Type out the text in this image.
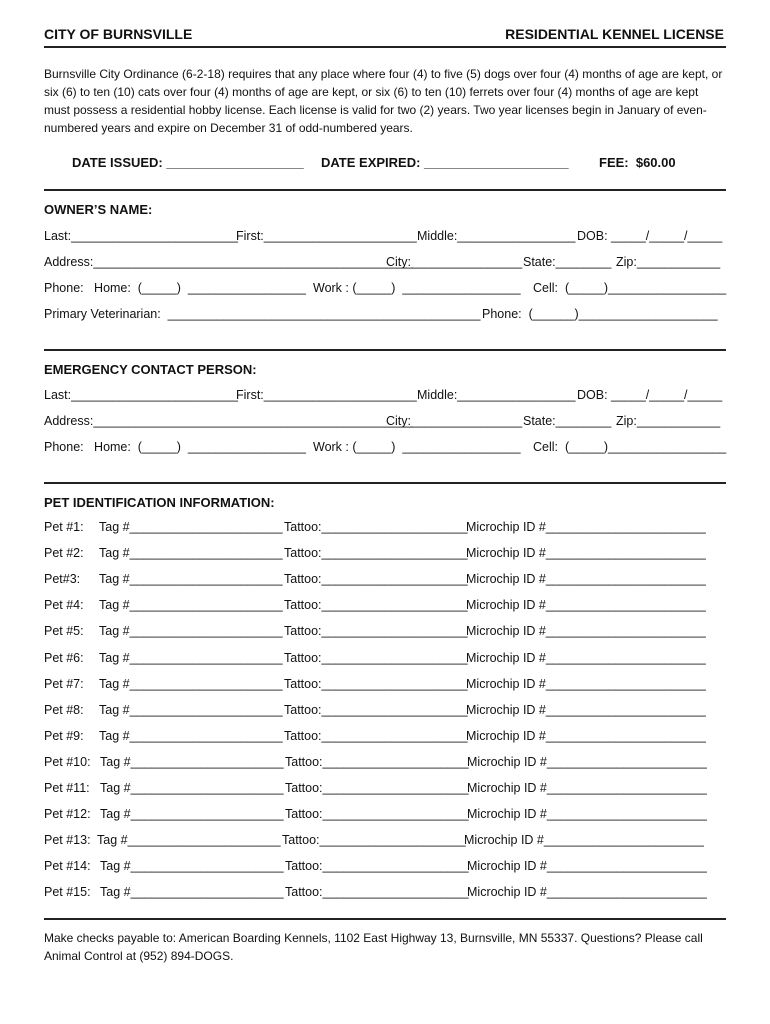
CITY OF BURNSVILLE	RESIDENTIAL KENNEL LICENSE
Burnsville City Ordinance (6-2-18) requires that any place where four (4) to five (5) dogs over four (4) months of age are kept, or six (6) to ten (10) cats over four (4) months of age are kept, or six (6) to ten (10) ferrets over four (4) months of age are kept must possess a residential hobby license. Each license is valid for two (2) years. Two year licenses begin in January of even-numbered years and expire on December 31 of odd-numbered years.
DATE ISSUED: ___________________ DATE EXPIRED: ____________________ FEE:  $60.00
OWNER’S NAME:

Last:________________________

First:______________________

Middle:_________________

DOB: _____/_____/_____

Address:______________________________________________

City:________________

State:________

Zip:____________

Phone:   Home:  (_____)  _________________

Work : (_____)  _________________

Cell:  (_____)_________________

Primary Veterinarian:  _____________________________________________

Phone:  (______)____________________

EMERGENCY CONTACT PERSON:

Last:________________________

First:______________________

Middle:_________________

DOB: _____/_____/_____

Address:______________________________________________

City:________________

State:________

Zip:____________

Phone:   Home:  (_____)  _________________

Work : (_____)  _________________

Cell:  (_____)_________________

PET IDENTIFICATION INFORMATION:
Pet #1: Tag #______________________ Tattoo:_____________________
Microchip ID #_______________________
Pet #2: Tag #______________________ Tattoo:_____________________
Microchip ID #_______________________
Pet#3: Tag #______________________ Tattoo:_____________________
Microchip ID #_______________________
Pet #4: Tag #______________________ Tattoo:_____________________
Microchip ID #_______________________
Pet #5: Tag #______________________ Tattoo:_____________________
Microchip ID #_______________________
Pet #6: Tag #______________________ Tattoo:_____________________
Microchip ID #_______________________
Pet #7: Tag #______________________ Tattoo:_____________________
Microchip ID #_______________________
Pet #8: Tag #______________________ Tattoo:_____________________
Microchip ID #_______________________
Pet #9: Tag #______________________ Tattoo:_____________________
Microchip ID #_______________________
Pet #10: Tag #______________________ Tattoo:_____________________
Microchip ID #_______________________
Pet #11: Tag #______________________ Tattoo:_____________________
Microchip ID #_______________________
Pet #12: Tag #______________________ Tattoo:_____________________
Microchip ID #_______________________
Pet #13: Tag #______________________ Tattoo:_____________________
Microchip ID #_______________________
Pet #14: Tag #______________________ Tattoo:_____________________
Microchip ID #_______________________
Pet #15: Tag #______________________ Tattoo:_____________________
Microchip ID #_______________________
Make checks payable to: American Boarding Kennels, 1102 East Highway 13, Burnsville, MN 55337. Questions? Please call Animal Control at (952) 894-DOGS.
